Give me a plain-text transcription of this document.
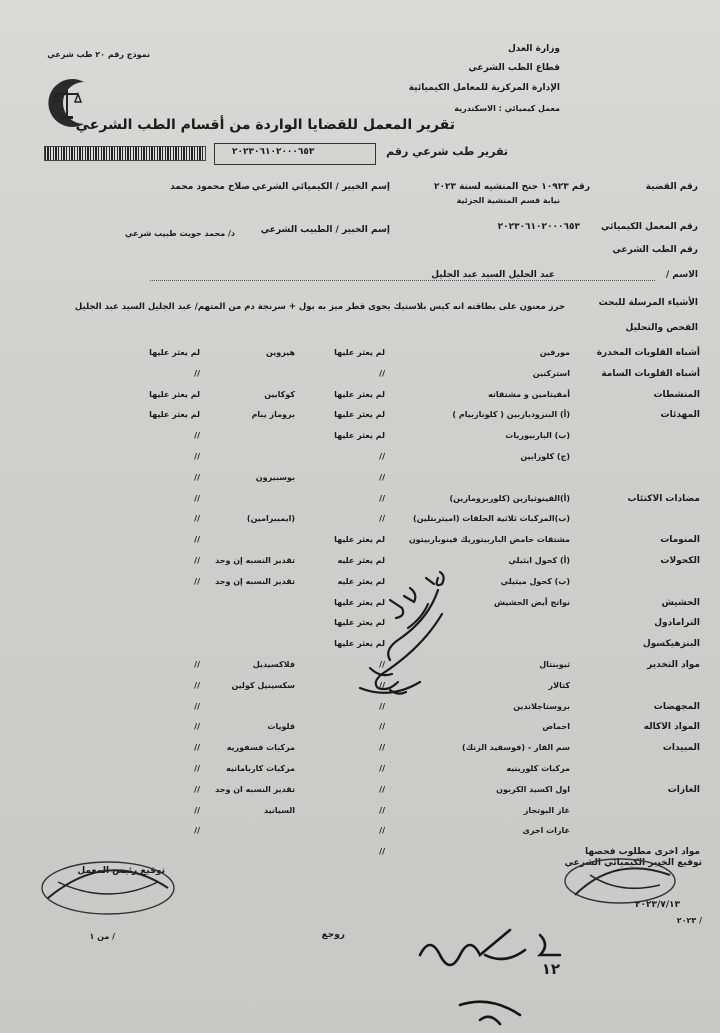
نموذج رقم ٢٠ طب شرعي
وزارة العدل
قطاع الطب الشرعي
الإدارة المركزية للمعامل الكيميائية
معمل كيميائي : الاسكندرية
تقرير المعمل للقضايا الواردة من أقسام الطب الشرعي
٢٠٢٣٠٦١٠٢٠٠٠٦٥٣	تقرير طب شرعي رقم
رقم القضية
رقم ١٠٩٢٣ جنح المنشيه لسنة ٢٠٢٣
نيابة قسم المنشية الجزئية
إسم الخبير / الكيميائي الشرعي
صلاح محمود محمد
رقم المعمل الكيميائي
٢٠٢٣٠٦١٠٢٠٠٠٦٥٣
إسم الخبير / الطبيب الشرعي
د/ محمد حويت طبيب شرعي
رقم الطب الشرعي
الاسم /
عبد الجليل السيد عبد الجليل
الأشياء المرسلة للبحث
حرز معنون على بطاقته انه كيس بلاستيك يحوى قطر ميز به بول + سرنجة دم من المتهم/ عبد الجليل السيد عبد الجليل
الفحص والتحليل
أشباه القلويات المخدرة
مورفين
لم يعثر عليها
هيروين
لم يعثر عليها
أشباه القلويات السامة
استركنين
//
//
المنشطات
أمفيتامين و مشتقاته
لم يعثر عليها
كوكايين
لم يعثر عليها
المهدئات
(أ) البنزوديازبين ( كلونازبيام )
لم يعثر عليها
بروماز يبام
لم يعثر عليها
(ب) الباربيوريات
لم يعثر عليها
//
(ج) كلوزابين
//
//
//
بوسبيرون
//
مضادات الاكتئاب
(أ)الفينوثيازين (كلوربرومازين)
//
//
(ب)المركبات ثلاثية الحلقات (اميتربتلين)
//
(ايميبرامين)
//
المنومات
مشتقات حامض الباربيتوريك فينوباربيتون
لم يعثر عليها
//
الكحولات
(أ) كحول ايثيلي
لم يعثر عليه
تقدير النسبه إن وجد
//
(ب) كحول ميثيلي
لم يعثر عليه
تقدير النسبه إن وجد
//
الحشيش
نواتج أيض الحشيش
لم يعثر عليها
الترامادول
لم يعثر عليها
البنزهيكسول
لم يعثر عليها
مواد التخدير
ثيوبنتال
//
فلاكسيديل
//
كتالار
//
سكسينيل كولين
//
المجهضات
بروستاجلاندين
//
//
المواد الاكاله
احماض
//
قلويات
//
المبيدات
سم الفار - (فوسفيد الزنك)
//
مركبات فسفوريه
//
مركبات كلورينيه
//
مركبات كاربامانيه
//
الغازات
اول اكسيد الكربون
//
تقدير النسبه ان وجد
//
غاز البوتجاز
//
السيانيد
//
غازات اخرى
//
//
مواد اخرى مطلوب فحصها
//
توقيع الخبير الكيميائي الشرعي
٢٠٢٣/٧/١٣
/ ٢٠٢٣
توقيع رئيس المعمل
/ من ١	روجع
١٢
